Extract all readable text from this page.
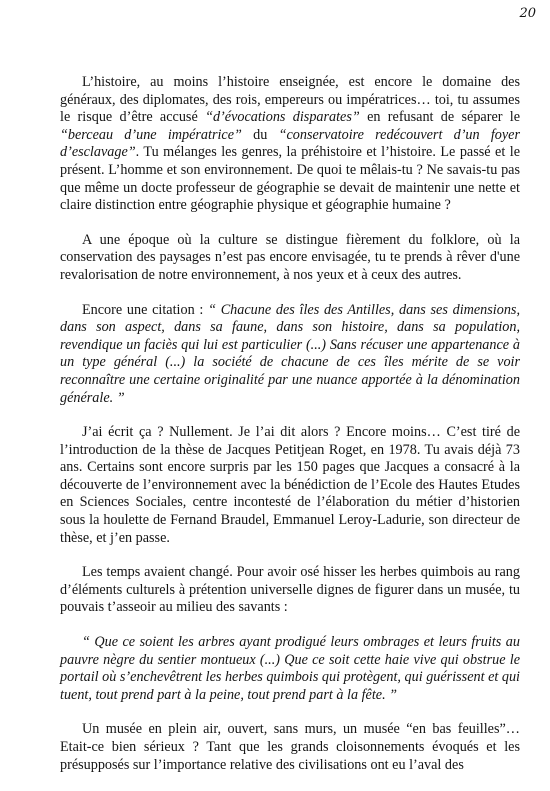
20

L’histoire, au moins l’histoire enseignée, est encore le domaine des généraux, des diplomates, des rois, empereurs ou impératrices… toi, tu assumes le risque d’être accusé “d’évocations disparates” en refusant de séparer le “berceau d’une impératrice” du “conservatoire redécouvert d’un foyer d’esclavage”. Tu mélanges les genres, la préhistoire et l’histoire. Le passé et le présent. L’homme et son environnement. De quoi te mêlais-tu ? Ne savais-tu pas que même un docte professeur de géographie se devait de maintenir une nette et claire distinction entre géographie physique et géographie humaine ?

A une époque où la culture se distingue fièrement du folklore, où la conservation des paysages n’est pas encore envisagée, tu te prends à rêver d'une revalorisation de notre environnement, à nos yeux et à ceux des autres.

Encore une citation : “ Chacune des îles des Antilles, dans ses dimensions, dans son aspect, dans sa faune, dans son histoire, dans sa population, revendique un faciès qui lui est particulier (...) Sans récuser une appartenance à un type général (...) la société de chacune de ces îles mérite de se voir reconnaître une certaine originalité par une nuance apportée à la dénomination générale. ”

J’ai écrit ça ? Nullement. Je l’ai dit alors ? Encore moins… C’est tiré de l’introduction de la thèse de Jacques Petitjean Roget, en 1978. Tu avais déjà 73 ans. Certains sont encore surpris par les 150 pages que Jacques a consacré à la découverte de l’environnement avec la bénédiction de l’Ecole des Hautes Etudes en Sciences Sociales, centre incontesté de l’élaboration du métier d’historien sous la houlette de Fernand Braudel, Emmanuel Leroy-Ladurie, son directeur de thèse, et j’en passe.

Les temps avaient changé. Pour avoir osé hisser les herbes quimbois au rang d’éléments culturels à prétention universelle dignes de figurer dans un musée, tu pouvais t’asseoir au milieu des savants :

“ Que ce soient les arbres ayant prodigué leurs ombrages et leurs fruits au pauvre nègre du sentier montueux (...) Que ce soit cette haie vive qui obstrue le portail où s’enchevêtrent les herbes quimbois qui protègent, qui guérissent et qui tuent, tout prend part à la peine, tout prend part à la fête. ”

Un musée en plein air, ouvert, sans murs, un musée “en bas feuilles”… Etait-ce bien sérieux ? Tant que les grands cloisonnements évoqués et les présupposés sur l’importance relative des civilisations ont eu l’aval des
